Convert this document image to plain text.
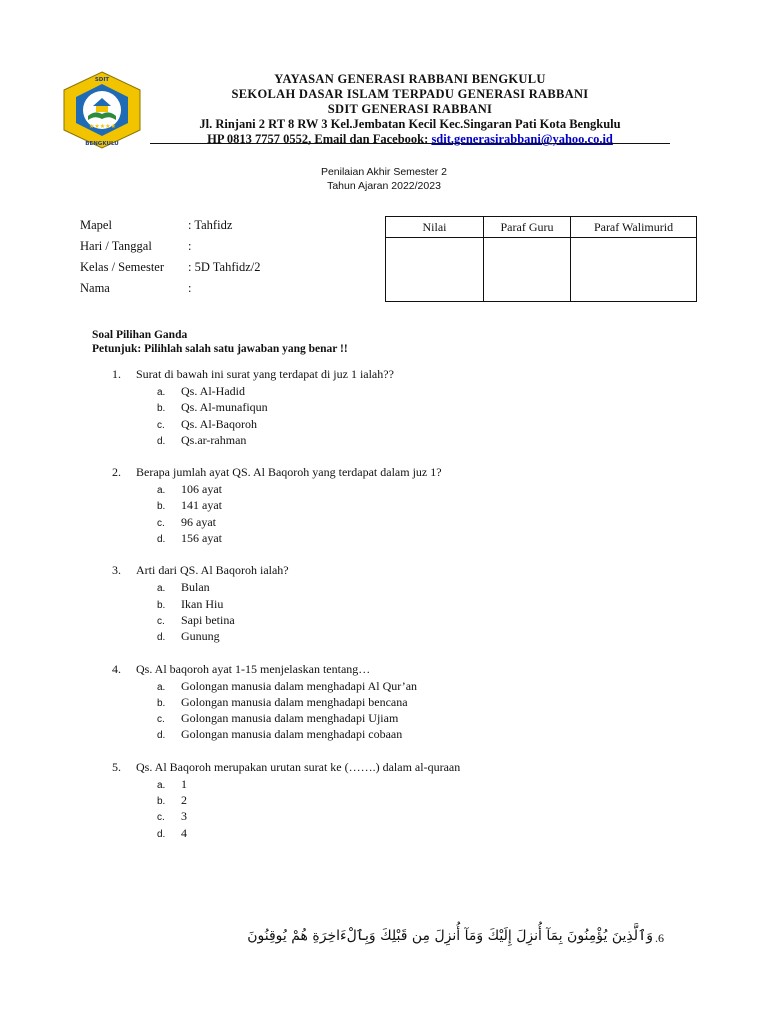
★★★★★
SDIT
BENGKULU
YAYASAN GENERASI RABBANI BENGKULU
SEKOLAH DASAR ISLAM TERPADU GENERASI RABBANI
SDIT GENERASI RABBANI
Jl. Rinjani 2 RT 8 RW 3 Kel.Jembatan Kecil Kec.Singaran Pati Kota Bengkulu
HP 0813 7757 0552, Email dan Facebook: sdit.generasirabbani@yahoo.co.id
Penilaian Akhir Semester 2
Tahun Ajaran 2022/2023
Mapel	: Tahfidz
Hari / Tanggal	:
Kelas / Semester : 5D Tahfidz/2
Nama	:
Nilai	Paraf Guru	Paraf Walimurid

Soal Pilihan Ganda
Petunjuk: Pilihlah salah satu jawaban yang benar !!
1. Surat di bawah ini surat yang terdapat di juz 1 ialah??
a. Qs. Al-Hadid
b. Qs. Al-munafiqun
c. Qs. Al-Baqoroh
d. Qs.ar-rahman
2. Berapa jumlah ayat QS. Al Baqoroh yang terdapat dalam juz 1?
a. 106 ayat
b. 141 ayat
c. 96 ayat
d. 156 ayat
3. Arti dari QS. Al Baqoroh ialah?
a. Bulan
b. Ikan Hiu
c. Sapi betina
d. Gunung
4. Qs. Al baqoroh ayat 1-15 menjelaskan tentang…
a. Golongan manusia dalam menghadapi Al Qur’an
b. Golongan manusia dalam menghadapi bencana
c. Golongan manusia dalam menghadapi Ujiam
d. Golongan manusia dalam menghadapi cobaan
5. Qs. Al Baqoroh merupakan urutan surat ke (…….) dalam al-quraan
a. 1
b. 2
c. 3
d. 4
وَٱلَّذِينَ يُؤْمِنُونَ بِمَآ أُنزِلَ إِلَيْكَ وَمَآ أُنزِلَ مِن قَبْلِكَ وَبِٱلْءَاخِرَةِ هُمْ يُوقِنُونَ .6
